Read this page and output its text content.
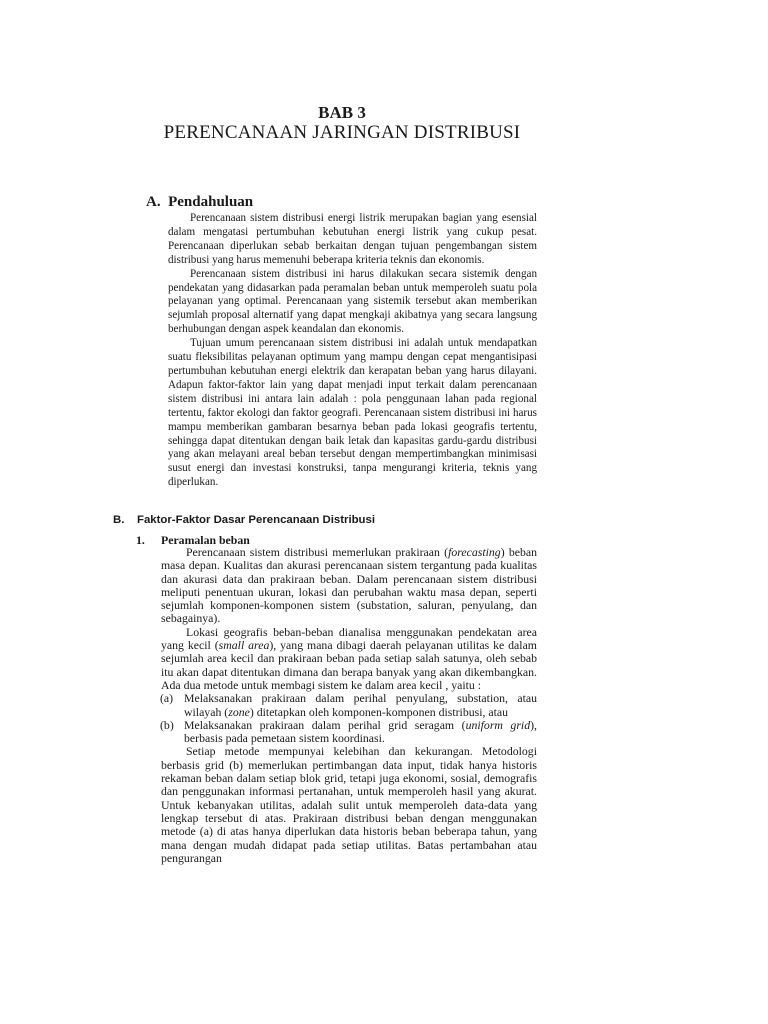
BAB 3
PERENCANAAN JARINGAN DISTRIBUSI
A. Pendahuluan

Perencanaan sistem distribusi energi listrik merupakan bagian yang esensial dalam mengatasi pertumbuhan kebutuhan energi listrik yang cukup pesat. Perencanaan diperlukan sebab berkaitan dengan tujuan pengembangan sistem distribusi yang harus memenuhi beberapa kriteria teknis dan ekonomis.

Perencanaan sistem distribusi ini harus dilakukan secara sistemik dengan pendekatan yang didasarkan pada peramalan beban untuk memperoleh suatu pola pelayanan yang optimal. Perencanaan yang sistemik tersebut akan memberikan sejumlah proposal alternatif yang dapat mengkaji akibatnya yang secara langsung berhubungan dengan aspek keandalan dan ekonomis.

Tujuan umum perencanaan sistem distribusi ini adalah untuk mendapatkan suatu fleksibilitas pelayanan optimum yang mampu dengan cepat mengantisipasi pertumbuhan kebutuhan energi elektrik dan kerapatan beban yang harus dilayani. Adapun faktor-faktor lain yang dapat menjadi input terkait dalam perencanaan sistem distribusi ini antara lain adalah : pola penggunaan lahan pada regional tertentu, faktor ekologi dan faktor geografi. Perencanaan sistem distribusi ini harus mampu memberikan gambaran besarnya beban pada lokasi geografis tertentu, sehingga dapat ditentukan dengan baik letak dan kapasitas gardu-gardu distribusi yang akan melayani areal beban tersebut dengan mempertimbangkan minimisasi susut energi dan investasi konstruksi, tanpa mengurangi kriteria, teknis yang diperlukan.

B. Faktor-Faktor Dasar Perencanaan Distribusi
1. Peramalan beban

Perencanaan sistem distribusi memerlukan prakiraan (forecasting) beban masa depan. Kualitas dan akurasi perencanaan sistem tergantung pada kualitas dan akurasi data dan prakiraan beban. Dalam perencanaan sistem distribusi meliputi penentuan ukuran, lokasi dan perubahan waktu masa depan, seperti sejumlah komponen-komponen sistem (substation, saluran, penyulang, dan sebagainya).

Lokasi geografis beban-beban dianalisa menggunakan pendekatan area yang kecil (small area), yang mana dibagi daerah pelayanan utilitas ke dalam sejumlah area kecil dan prakiraan beban pada setiap salah satunya, oleh sebab itu akan dapat ditentukan dimana dan berapa banyak yang akan dikembangkan. Ada dua metode untuk membagi sistem ke dalam area kecil , yaitu :

(a) Melaksanakan prakiraan dalam perihal penyulang, substation, atau wilayah (zone) ditetapkan oleh komponen-komponen distribusi, atau
(b) Melaksanakan prakiraan dalam perihal grid seragam (uniform grid), berbasis pada pemetaan sistem koordinasi.

Setiap metode mempunyai kelebihan dan kekurangan. Metodologi berbasis grid (b) memerlukan pertimbangan data input, tidak hanya historis rekaman beban dalam setiap blok grid, tetapi juga ekonomi, sosial, demografis dan penggunakan informasi pertanahan, untuk memperoleh hasil yang akurat. Untuk kebanyakan utilitas, adalah sulit untuk memperoleh data-data yang lengkap tersebut di atas. Prakiraan distribusi beban dengan menggunakan metode (a) di atas hanya diperlukan data historis beban beberapa tahun, yang mana dengan mudah didapat pada setiap utilitas. Batas pertambahan atau pengurangan
